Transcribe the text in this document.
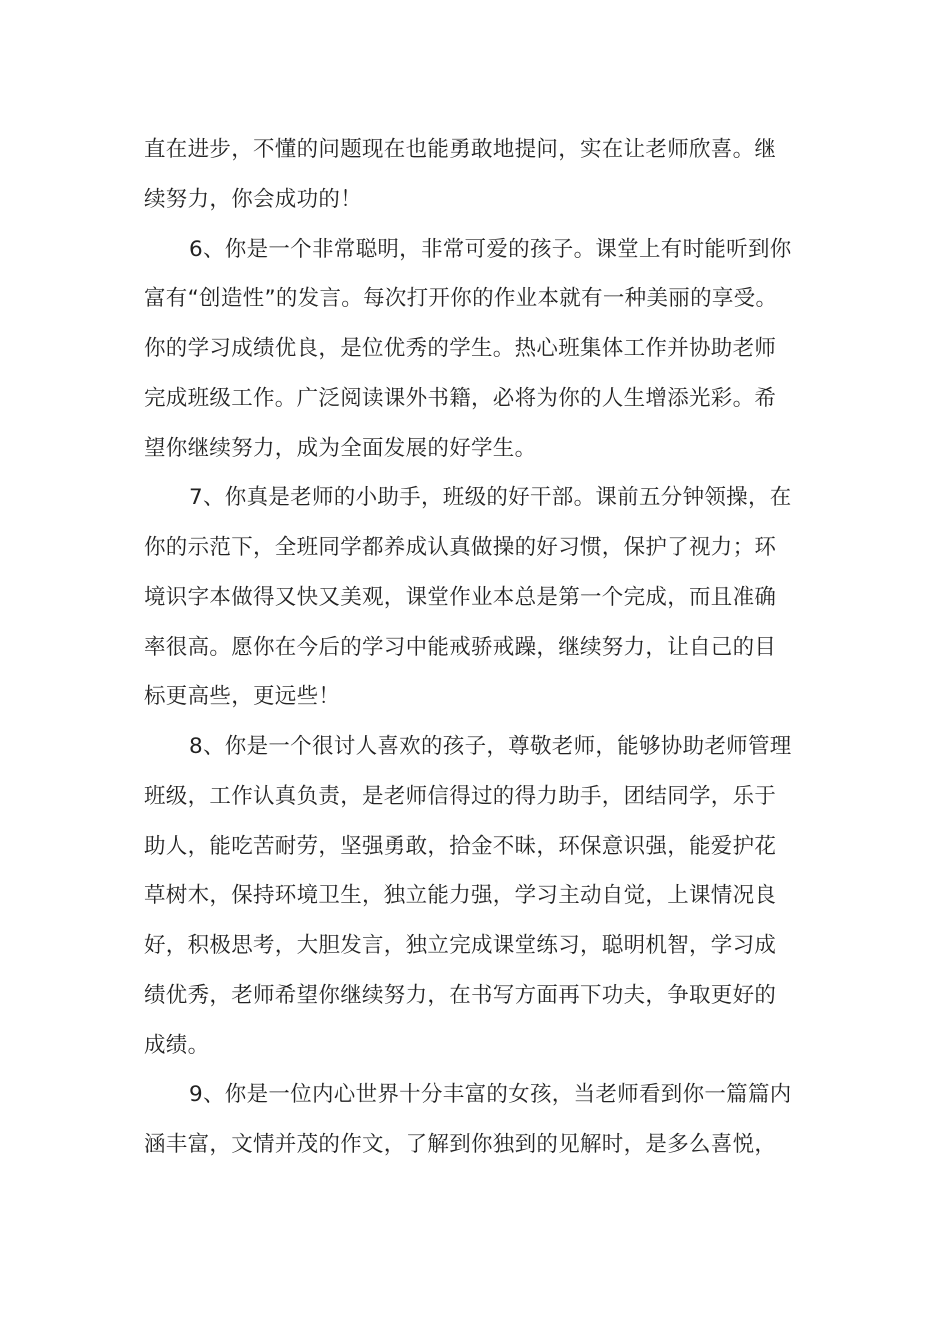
直在进步，不懂的问题现在也能勇敢地提问，实在让老师欣喜。继
续努力，你会成功的！
6、你是一个非常聪明，非常可爱的孩子。课堂上有时能听到你
富有“创造性”的发言。每次打开你的作业本就有一种美丽的享受。
你的学习成绩优良，是位优秀的学生。热心班集体工作并协助老师
完成班级工作。广泛阅读课外书籍，必将为你的人生增添光彩。希
望你继续努力，成为全面发展的好学生。
7、你真是老师的小助手，班级的好干部。课前五分钟领操，在
你的示范下，全班同学都养成认真做操的好习惯，保护了视力；环
境识字本做得又快又美观，课堂作业本总是第一个完成，而且准确
率很高。愿你在今后的学习中能戒骄戒躁，继续努力，让自己的目
标更高些，更远些！
8、你是一个很讨人喜欢的孩子，尊敬老师，能够协助老师管理
班级，工作认真负责，是老师信得过的得力助手，团结同学，乐于
助人，能吃苦耐劳，坚强勇敢，拾金不昧，环保意识强，能爱护花
草树木，保持环境卫生，独立能力强，学习主动自觉，上课情况良
好，积极思考，大胆发言，独立完成课堂练习，聪明机智，学习成
绩优秀，老师希望你继续努力，在书写方面再下功夫，争取更好的
成绩。
9、你是一位内心世界十分丰富的女孩，当老师看到你一篇篇内
涵丰富，文情并茂的作文，了解到你独到的见解时，是多么喜悦，
